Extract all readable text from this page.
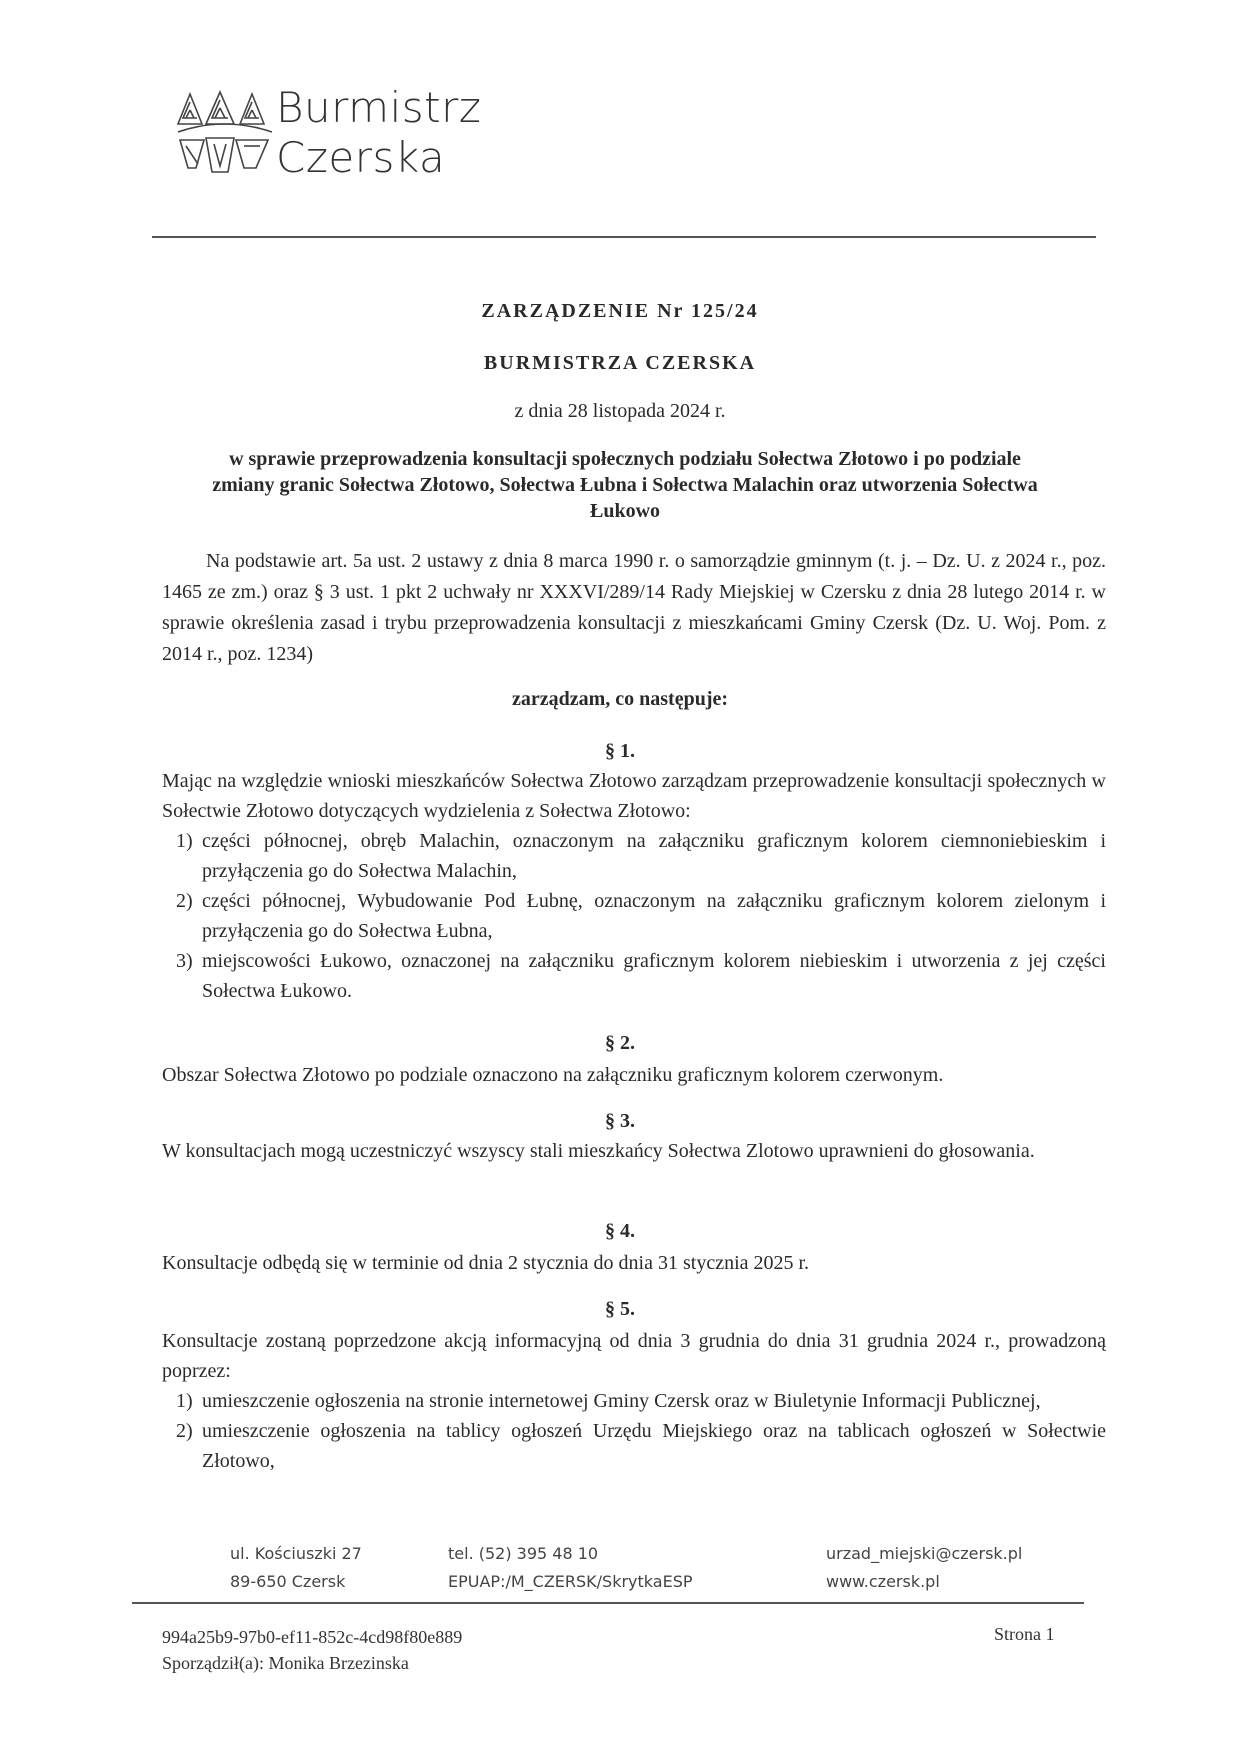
Burmistrz
Czerska
ZARZĄDZENIE Nr 125/24
BURMISTRZA CZERSKA
z dnia 28 listopada 2024 r.
w sprawie przeprowadzenia konsultacji społecznych podziału Sołectwa Złotowo i po podziale
zmiany granic Sołectwa Złotowo, Sołectwa Łubna i Sołectwa Malachin oraz utworzenia Sołectwa
Łukowo

Na podstawie art. 5a ust. 2 ustawy z dnia 8 marca 1990 r. o samorządzie gminnym (t. j. – Dz. U. z 2024 r., poz. 1465 ze zm.) oraz § 3 ust. 1 pkt 2 uchwały nr XXXVI/289/14 Rady Miejskiej w Czersku z dnia 28 lutego 2014 r. w sprawie określenia zasad i trybu przeprowadzenia konsultacji z mieszkańcami Gminy Czersk (Dz. U. Woj. Pom. z 2014 r., poz. 1234)

zarządzam, co następuje:
§ 1.

Mając na względzie wnioski mieszkańców Sołectwa Złotowo zarządzam przeprowadzenie konsultacji społecznych w Sołectwie Złotowo dotyczących wydzielenia z Sołectwa Złotowo:

1) części północnej, obręb Malachin, oznaczonym na załączniku graficznym kolorem ciemnoniebieskim i przyłączenia go do Sołectwa Malachin,
2) części północnej, Wybudowanie Pod Łubnę, oznaczonym na załączniku graficznym kolorem zielonym i przyłączenia go do Sołectwa Łubna,
3) miejscowości Łukowo, oznaczonej na załączniku graficznym kolorem niebieskim i utworzenia z jej części Sołectwa Łukowo.
§ 2.

Obszar Sołectwa Złotowo po podziale oznaczono na załączniku graficznym kolorem czerwonym.

§ 3.

W konsultacjach mogą uczestniczyć wszyscy stali mieszkańcy Sołectwa Zlotowo uprawnieni do głosowania.

§ 4.

Konsultacje odbędą się w terminie od dnia 2 stycznia do dnia 31 stycznia 2025 r.

§ 5.

Konsultacje zostaną poprzedzone akcją informacyjną od dnia 3 grudnia do dnia 31 grudnia 2024 r., prowadzoną poprzez:

1) umieszczenie ogłoszenia na stronie internetowej Gminy Czersk oraz w Biuletynie Informacji Publicznej,
2) umieszczenie ogłoszenia na tablicy ogłoszeń Urzędu Miejskiego oraz na tablicach ogłoszeń w Sołectwie Złotowo,
ul. Kościuszki 27
89-650 Czersk
tel. (52) 395 48 10
EPUAP:/M_CZERSK/SkrytkaESP
urzad_miejski@czersk.pl
www.czersk.pl
994a25b9-97b0-ef11-852c-4cd98f80e889
Sporządził(a): Monika Brzezinska
Strona 1
